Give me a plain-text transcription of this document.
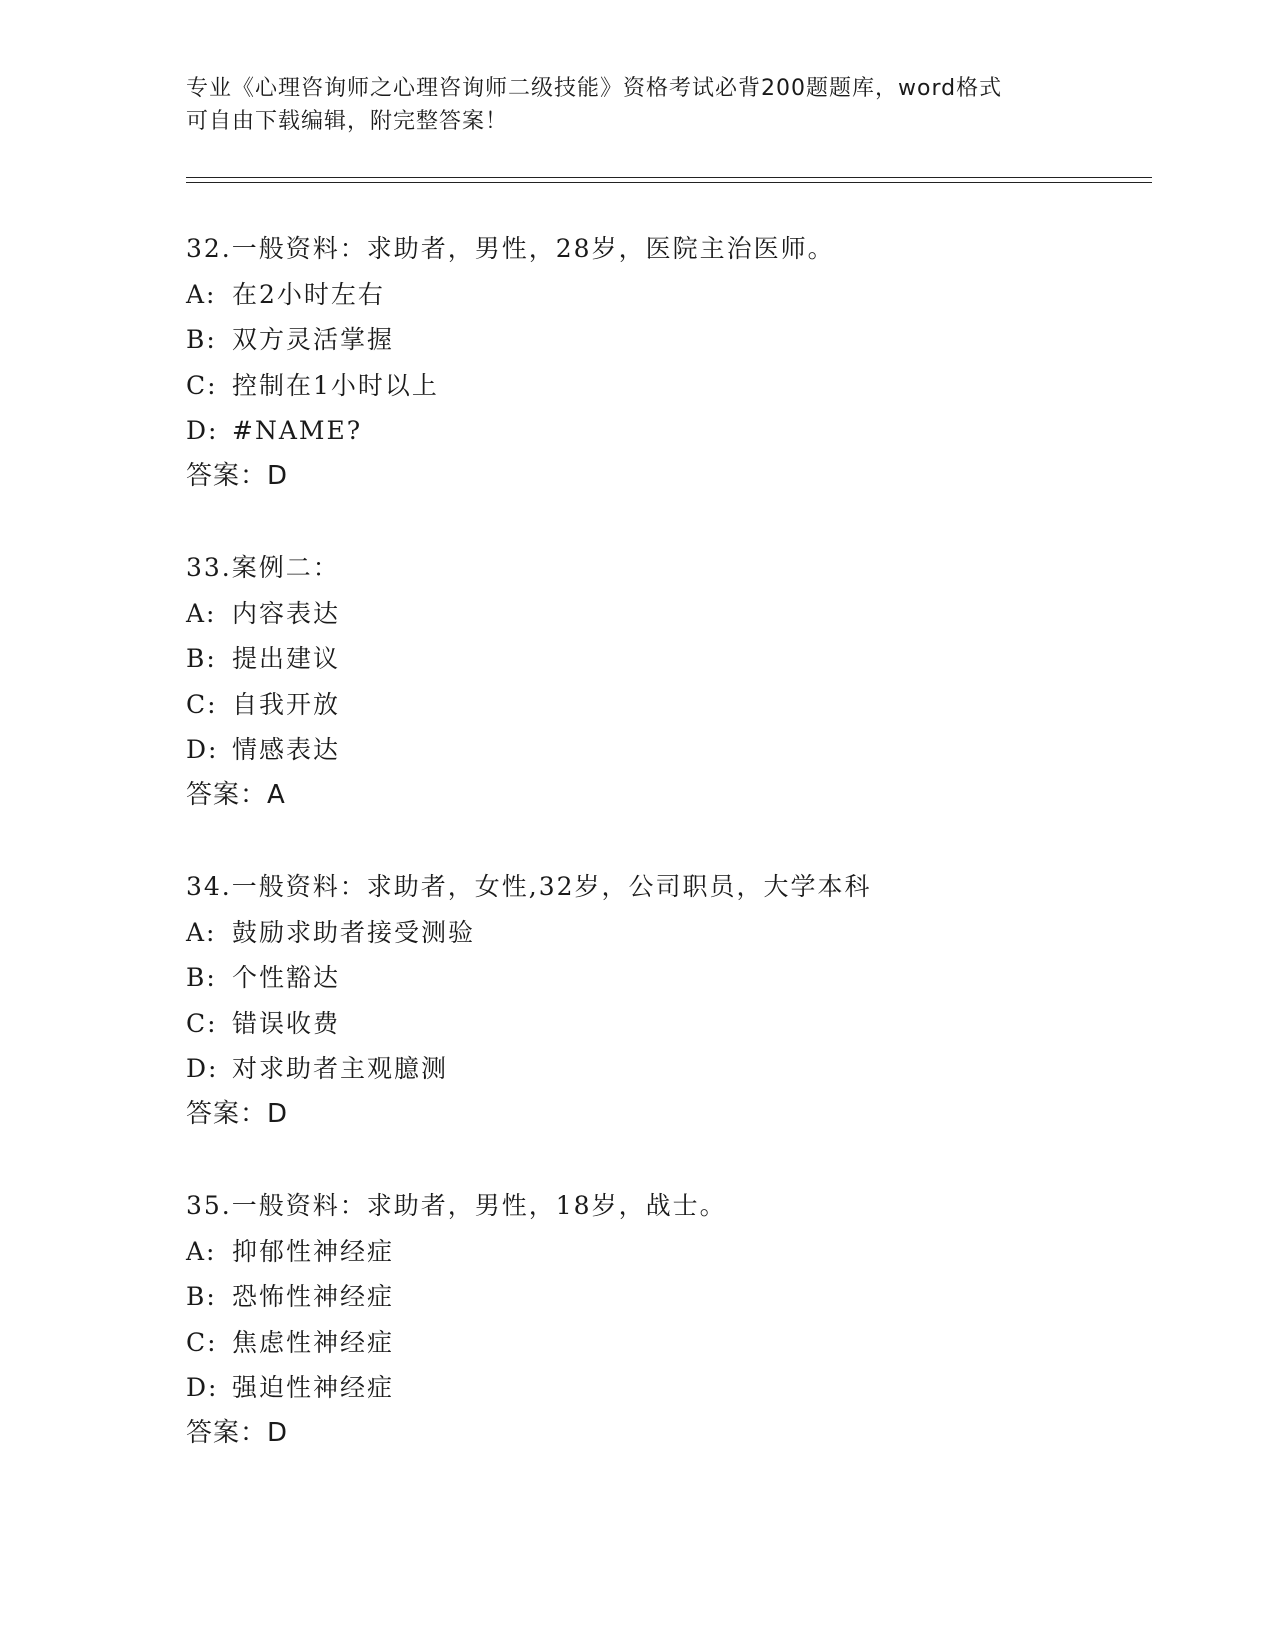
专业《心理咨询师之心理咨询师二级技能》资格考试必背200题题库，word格式
可自由下载编辑，附完整答案！
32.一般资料：求助者，男性，28岁，医院主治医师。
A: 在2小时左右
B: 双方灵活掌握
C: 控制在1小时以上
D: #NAME?
答案：D
33.案例二：
A: 内容表达
B: 提出建议
C: 自我开放
D: 情感表达
答案：A
34.一般资料：求助者，女性,32岁，公司职员，大学本科
A: 鼓励求助者接受测验
B: 个性豁达
C: 错误收费
D: 对求助者主观臆测
答案：D
35.一般资料：求助者，男性，18岁，战士。
A: 抑郁性神经症
B: 恐怖性神经症
C: 焦虑性神经症
D: 强迫性神经症
答案：D
